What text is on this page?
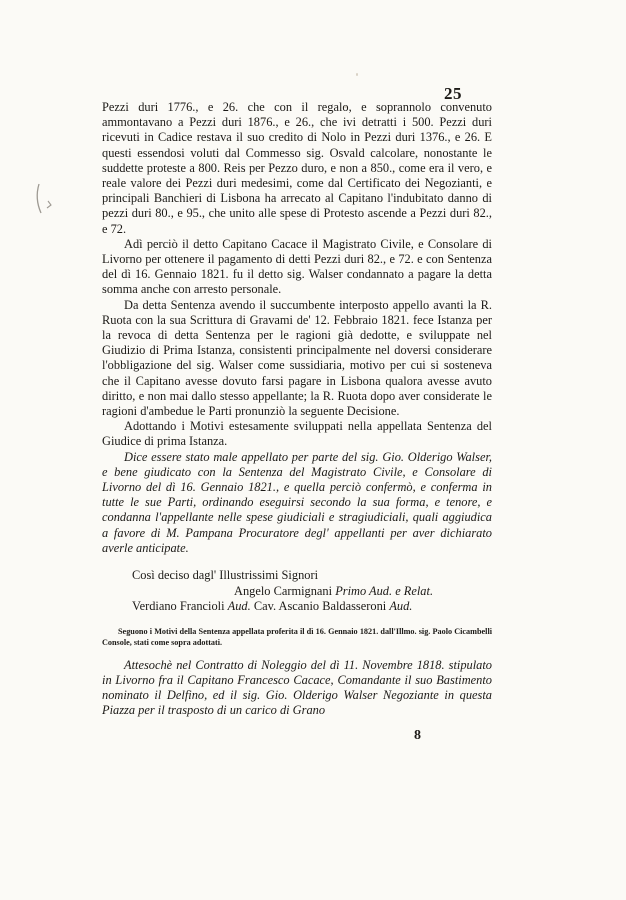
25

Pezzi duri 1776., e 26. che con il regalo, e soprannolo convenuto ammontavano a Pezzi duri 1876., e 26., che ivi detratti i 500. Pezzi duri ricevuti in Cadice restava il suo credito di Nolo in Pezzi duri 1376., e 26. E questi essendosi voluti dal Commesso sig. Osvald calcolare, nonostante le suddette proteste a 800. Reis per Pezzo duro, e non a 850., come era il vero, e reale valore dei Pezzi duri medesimi, come dal Certificato dei Negozianti, e principali Banchieri di Lisbona ha arrecato al Capitano l'indubitato danno di pezzi duri 80., e 95., che unito alle spese di Protesto ascende a Pezzi duri 82., e 72.

Adì perciò il detto Capitano Cacace il Magistrato Civile, e Consolare di Livorno per ottenere il pagamento di detti Pezzi duri 82., e 72. e con Sentenza del dì 16. Gennaio 1821. fu il detto sig. Walser condannato a pagare la detta somma anche con arresto personale.

Da detta Sentenza avendo il succumbente interposto appello avanti la R. Ruota con la sua Scrittura di Gravami de' 12. Febbraio 1821. fece Istanza per la revoca di detta Sentenza per le ragioni già dedotte, e sviluppate nel Giudizio di Prima Istanza, consistenti principalmente nel doversi considerare l'obbligazione del sig. Walser come sussidiaria, motivo per cui si sosteneva che il Capitano avesse dovuto farsi pagare in Lisbona qualora avesse avuto diritto, e non mai dallo stesso appellante; la R. Ruota dopo aver considerate le ragioni d'ambedue le Parti pronunziò la seguente Decisione.

Adottando i Motivi estesamente sviluppati nella appellata Sentenza del Giudice di prima Istanza.

Dice essere stato male appellato per parte del sig. Gio. Olderigo Walser, e bene giudicato con la Sentenza del Magistrato Civile, e Consolare di Livorno del dì 16. Gennaio 1821., e quella perciò confermò, e conferma in tutte le sue Parti, ordinando eseguirsi secondo la sua forma, e tenore, e condanna l'appellante nelle spese giudiciali e stragiudiciali, quali aggiudica a favore di M. Pampana Procuratore degl' appellanti per aver dichiarato averle anticipate.

Così deciso dagl' Illustrissimi Signori
Angelo Carmignani Primo Aud. e Relat.
Verdiano Francioli Aud. Cav. Ascanio Baldasseroni Aud.
Seguono i Motivi della Sentenza appellata proferita il dì 16. Gennaio 1821. dall'Illmo. sig. Paolo Cicambelli Console, stati come sopra adottati.
Attesochè nel Contratto di Noleggio del dì 11. Novembre 1818. stipulato in Livorno fra il Capitano Francesco Cacace, Comandante il suo Bastimento nominato il Delfino, ed il sig. Gio. Olderigo Walser Negoziante in questa Piazza per il trasposto di un carico di Grano
8
